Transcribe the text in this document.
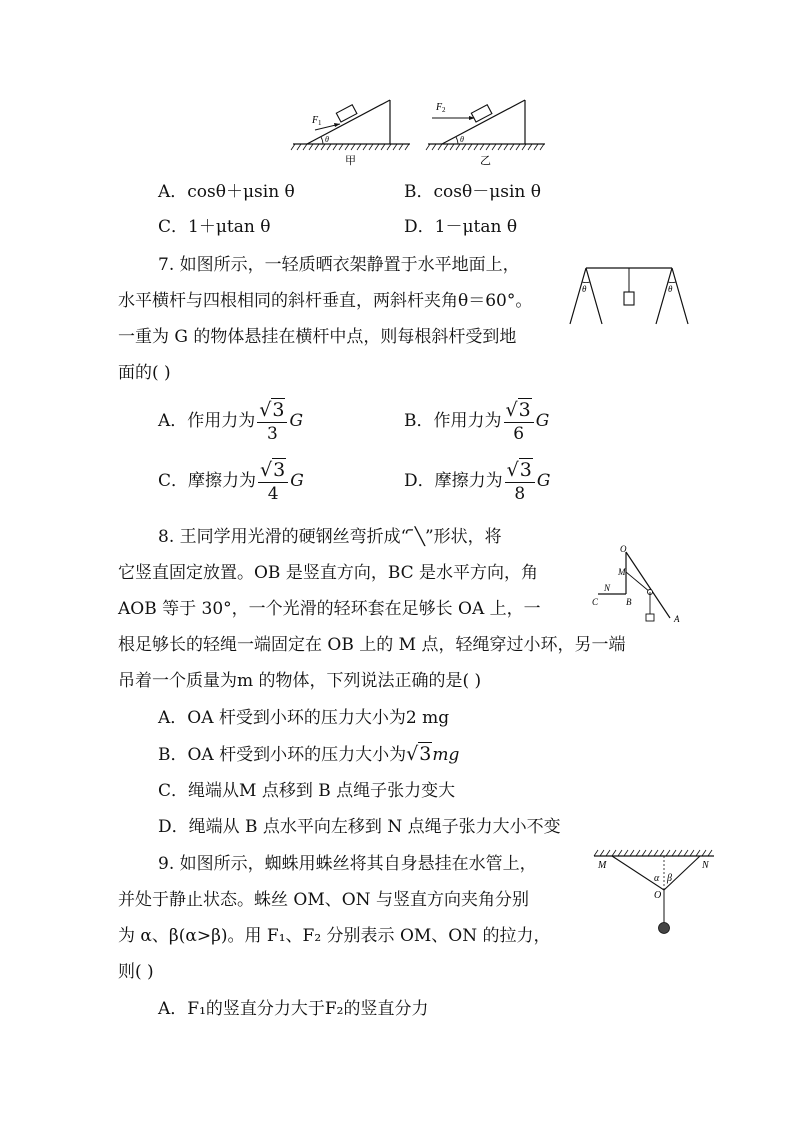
F 1
θ
甲
F 2
θ
乙
A．cosθ＋μsin θ	B．cosθ－μsin θ
C．1＋μtan θ	D．1－μtan θ
7. 如图所示，一轻质晒衣架静置于水平地面上，
水平横杆与四根相同的斜杆垂直，两斜杆夹角θ＝60°。
一重为 G 的物体悬挂在横杆中点，则每根斜杆受到地
面的( )
θ	θ
A．作用力为 $\frac{√3}{3}$ G	B．作用力为 $\frac{√3}{6}$ G
C．摩擦力为 $\frac{√3}{4}$ G	D．摩擦力为 $\frac{√3}{8}$ G
8. 王同学用光滑的硬钢丝弯折成“ ̄╲”形状，将
它竖直固定放置。OB 是竖直方向，BC 是水平方向，角
AOB 等于 30°，一个光滑的轻环套在足够长 OA 上，一
根足够长的轻绳一端固定在 OB 上的 M 点，轻绳穿过小环，另一端
吊着一个质量为m 的物体，下列说法正确的是( )
O
M
N
B
C
A
A．OA 杆受到小环的压力大小为2 mg
B．OA 杆受到小环的压力大小为√3mg
C．绳端从M 点移到 B 点绳子张力变大
D．绳端从 B 点水平向左移到 N 点绳子张力大小不变
9. 如图所示，蜘蛛用蛛丝将其自身悬挂在水管上，
并处于静止状态。蛛丝 OM、ON 与竖直方向夹角分别
为 α、β(α>β)。用 F₁、F₂ 分别表示 OM、ON 的拉力，
则( )
M	N
O
α β
A．F₁的竖直分力大于F₂的竖直分力
